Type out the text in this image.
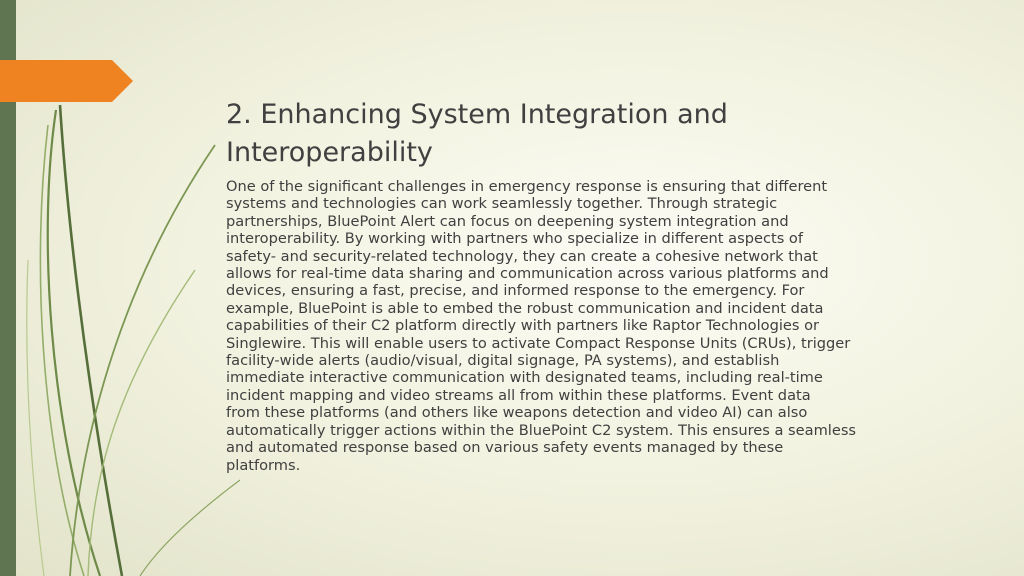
2. Enhancing System Integration and
Interoperability

One of the significant challenges in emergency response is ensuring that different
systems and technologies can work seamlessly together. Through strategic
partnerships, BluePoint Alert can focus on deepening system integration and
interoperability. By working with partners who specialize in different aspects of
safety- and security-related technology, they can create a cohesive network that
allows for real-time data sharing and communication across various platforms and
devices, ensuring a fast, precise, and informed response to the emergency. For
example, BluePoint is able to embed the robust communication and incident data
capabilities of their C2 platform directly with partners like Raptor Technologies or
Singlewire. This will enable users to activate Compact Response Units (CRUs), trigger
facility-wide alerts (audio/visual, digital signage, PA systems), and establish
immediate interactive communication with designated teams, including real-time
incident mapping and video streams all from within these platforms. Event data
from these platforms (and others like weapons detection and video AI) can also
automatically trigger actions within the BluePoint C2 system. This ensures a seamless
and automated response based on various safety events managed by these
platforms.
